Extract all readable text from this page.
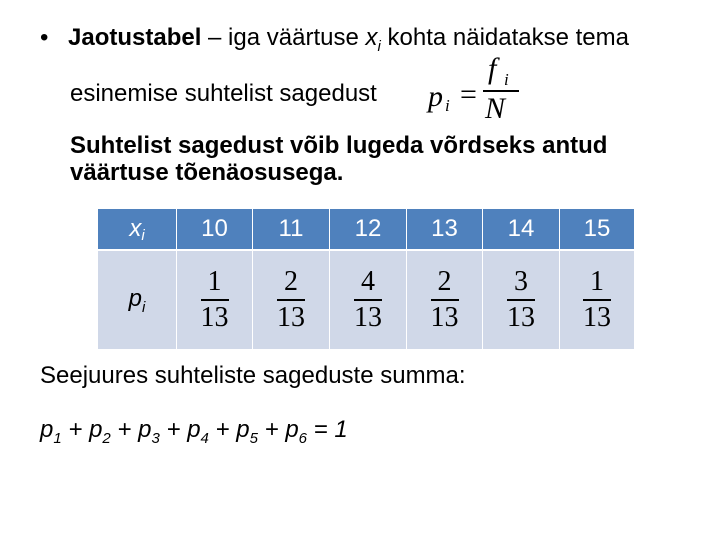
• Jaotustabel – iga väärtuse $x_i$ kohta näidatakse tema
esinemise suhtelist sagedust p i =
f i
N
Suhtelist sagedust võib lugeda võrdseks antud väärtuse tõenäosusega.
xi	10	11	12	13	14	15
pi	$\frac{1}{13}$	$\frac{2}{13}$	$\frac{4}{13}$	$\frac{2}{13}$	$\frac{3}{13}$	$\frac{1}{13}$
Seejuures suhteliste sageduste summa:
$p_1 + p_2 + p_3 + p_4 + p_5 + p_6 = 1$
